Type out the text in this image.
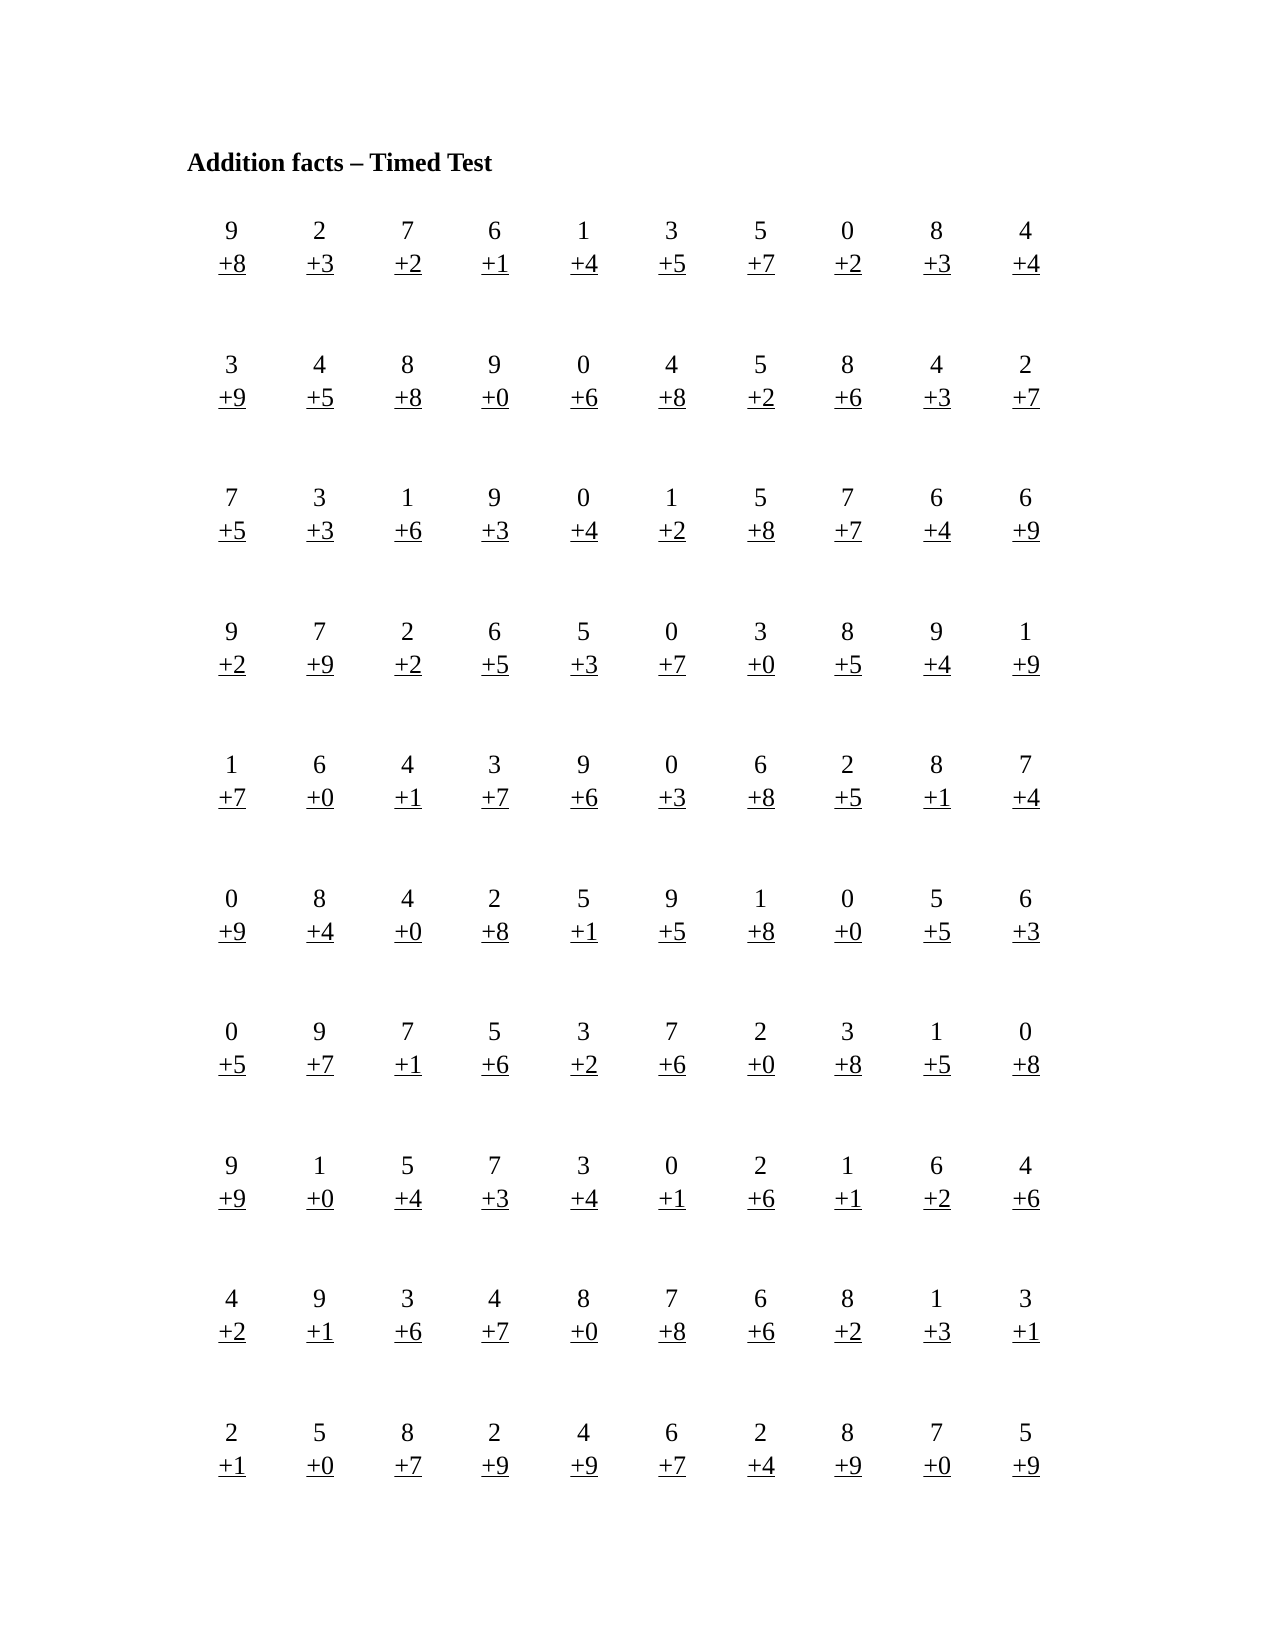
Addition facts – Timed Test
9
+8
2
+3
7
+2
6
+1
1
+4
3
+5
5
+7
0
+2
8
+3
4
+4
3
+9
4
+5
8
+8
9
+0
0
+6
4
+8
5
+2
8
+6
4
+3
2
+7
7
+5
3
+3
1
+6
9
+3
0
+4
1
+2
5
+8
7
+7
6
+4
6
+9
9
+2
7
+9
2
+2
6
+5
5
+3
0
+7
3
+0
8
+5
9
+4
1
+9
1
+7
6
+0
4
+1
3
+7
9
+6
0
+3
6
+8
2
+5
8
+1
7
+4
0
+9
8
+4
4
+0
2
+8
5
+1
9
+5
1
+8
0
+0
5
+5
6
+3
0
+5
9
+7
7
+1
5
+6
3
+2
7
+6
2
+0
3
+8
1
+5
0
+8
9
+9
1
+0
5
+4
7
+3
3
+4
0
+1
2
+6
1
+1
6
+2
4
+6
4
+2
9
+1
3
+6
4
+7
8
+0
7
+8
6
+6
8
+2
1
+3
3
+1
2
+1
5
+0
8
+7
2
+9
4
+9
6
+7
2
+4
8
+9
7
+0
5
+9
